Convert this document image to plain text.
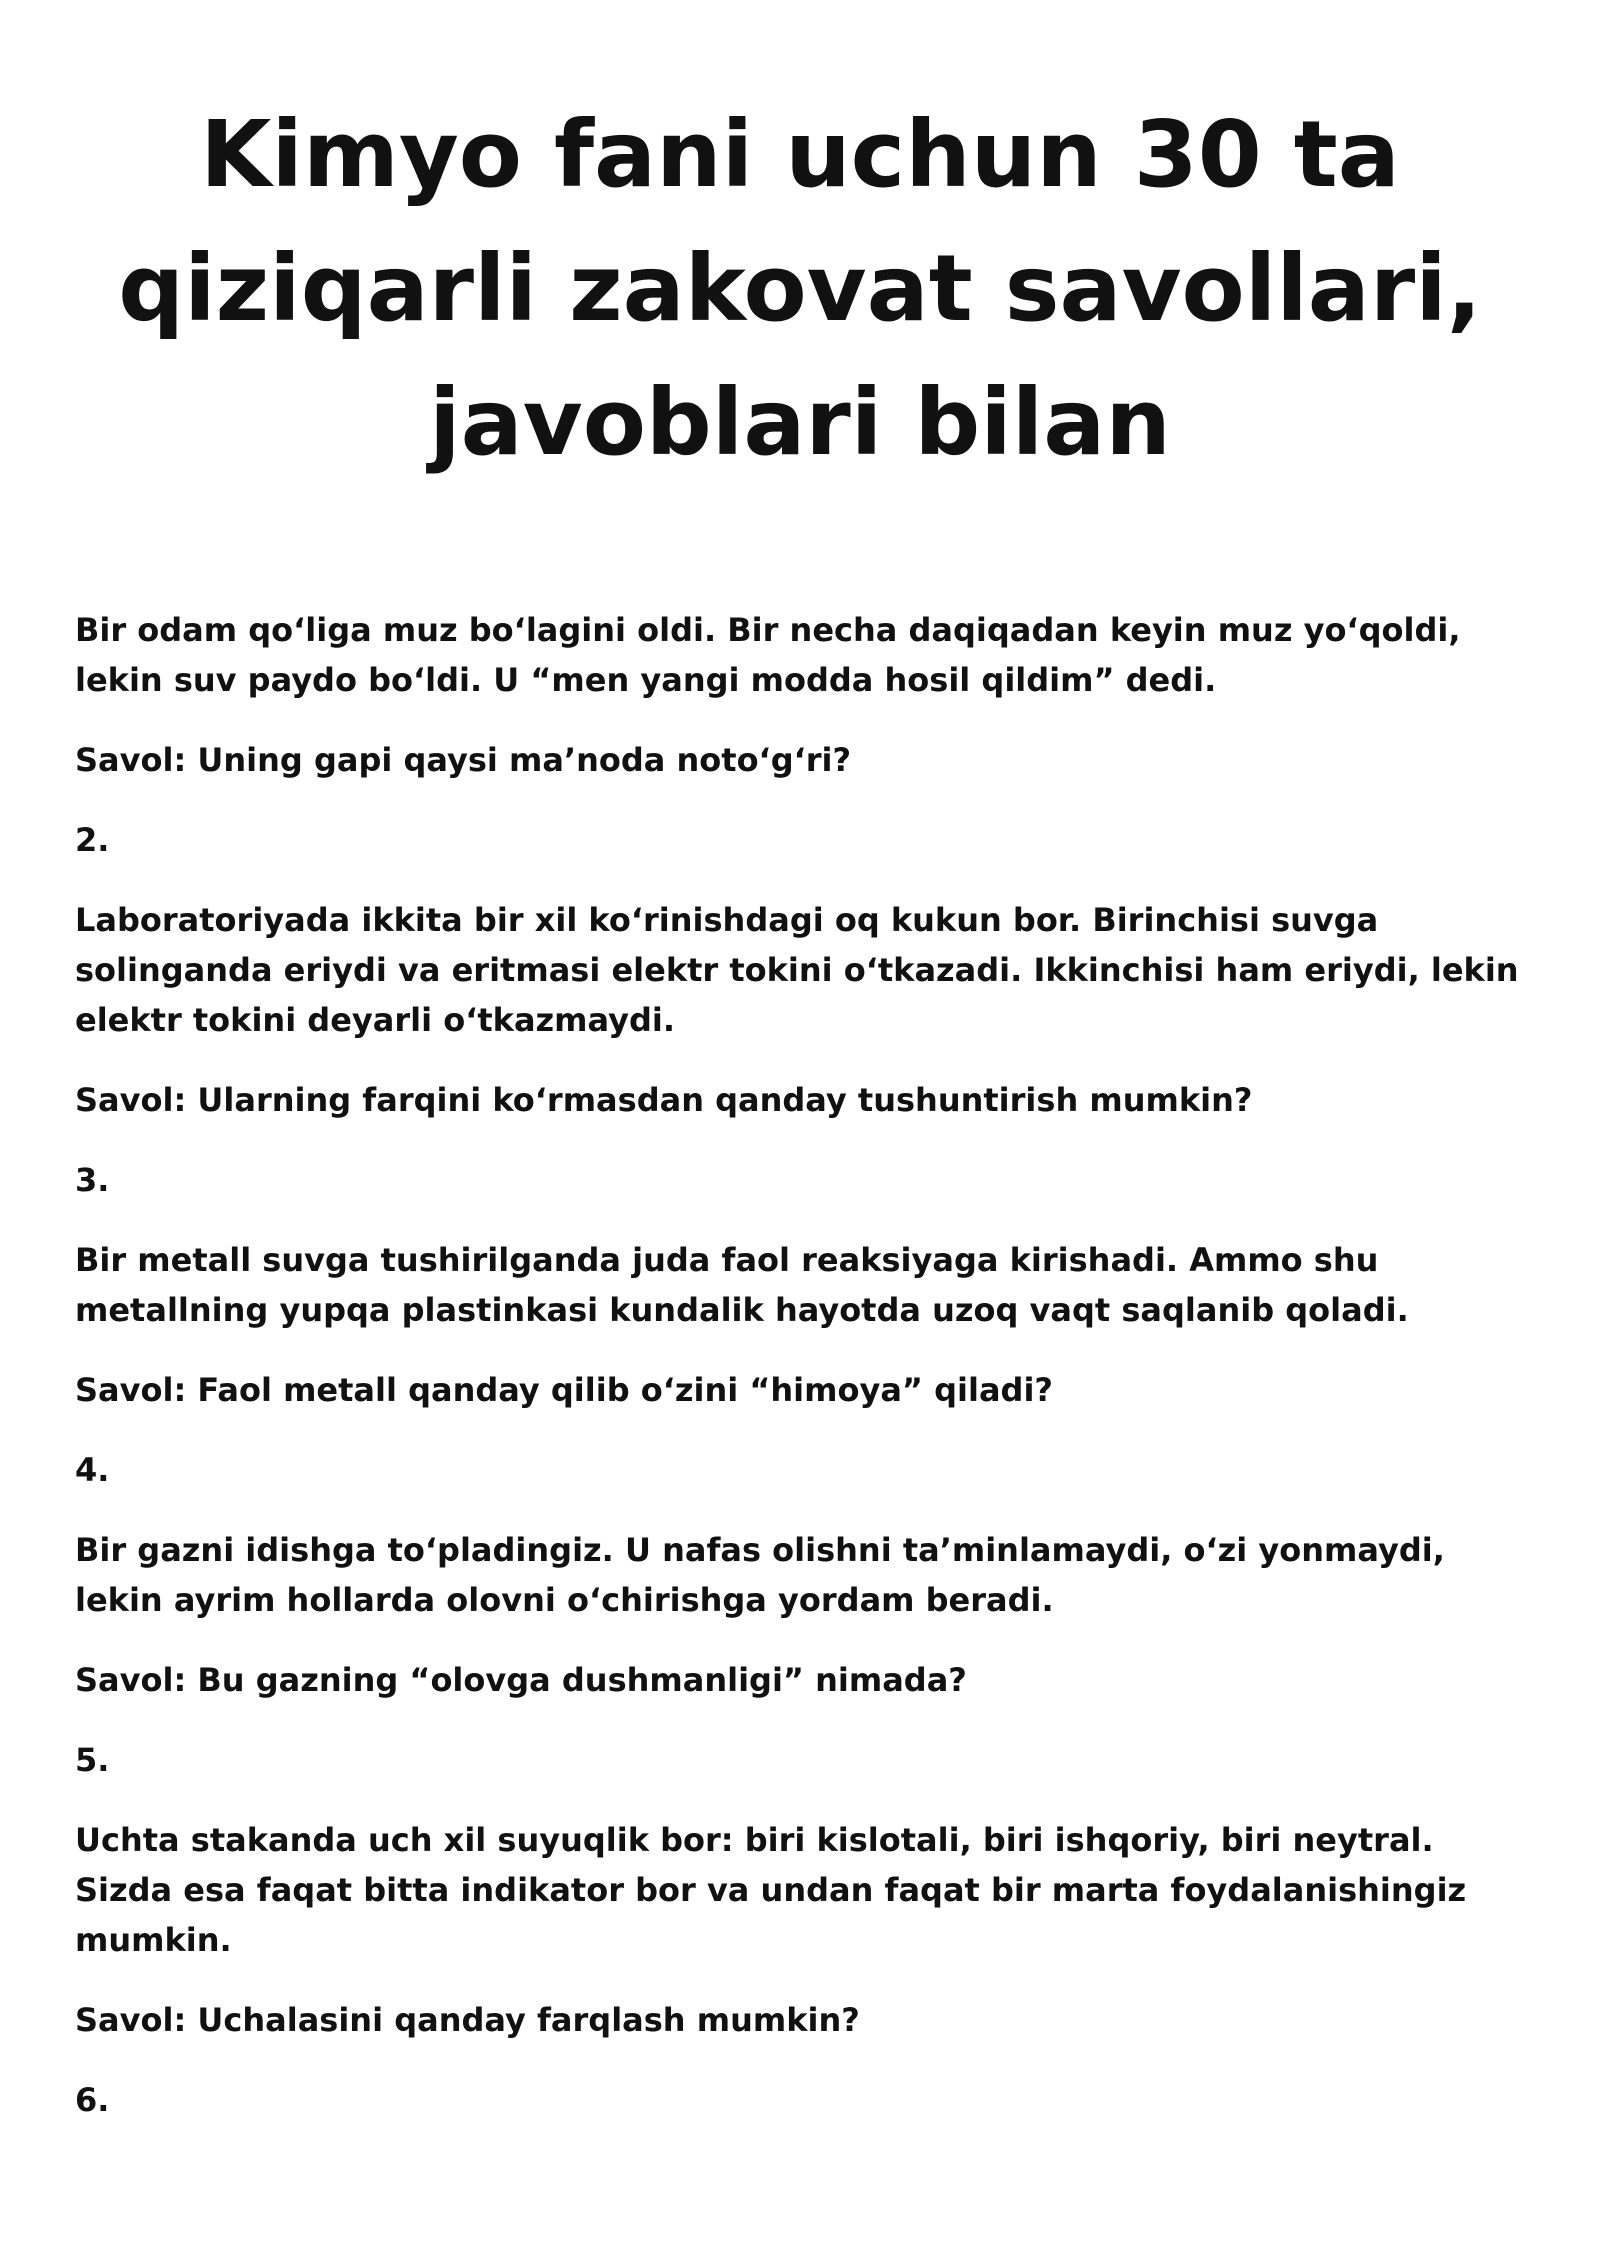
Kimyo fani uchun 30 ta qiziqarli zakovat savollari, javoblari bilan

Bir odam qo‘liga muz bo‘lagini oldi. Bir necha daqiqadan keyin muz yo‘qoldi, lekin suv paydo bo‘ldi. U “men yangi modda hosil qildim” dedi.

Savol: Uning gapi qaysi ma’noda noto‘g‘ri?

2.

Laboratoriyada ikkita bir xil ko‘rinishdagi oq kukun bor. Birinchisi suvga solinganda eriydi va eritmasi elektr tokini o‘tkazadi. Ikkinchisi ham eriydi, lekin elektr tokini deyarli o‘tkazmaydi.

Savol: Ularning farqini ko‘rmasdan qanday tushuntirish mumkin?

3.

Bir metall suvga tushirilganda juda faol reaksiyaga kirishadi. Ammo shu metallning yupqa plastinkasi kundalik hayotda uzoq vaqt saqlanib qoladi.

Savol: Faol metall qanday qilib o‘zini “himoya” qiladi?

4.

Bir gazni idishga to‘pladingiz. U nafas olishni ta’minlamaydi, o‘zi yonmaydi, lekin ayrim hollarda olovni o‘chirishga yordam beradi.

Savol: Bu gazning “olovga dushmanligi” nimada?

5.

Uchta stakanda uch xil suyuqlik bor: biri kislotali, biri ishqoriy, biri neytral. Sizda esa faqat bitta indikator bor va undan faqat bir marta foydalanishingiz mumkin.

Savol: Uchalasini qanday farqlash mumkin?

6.
